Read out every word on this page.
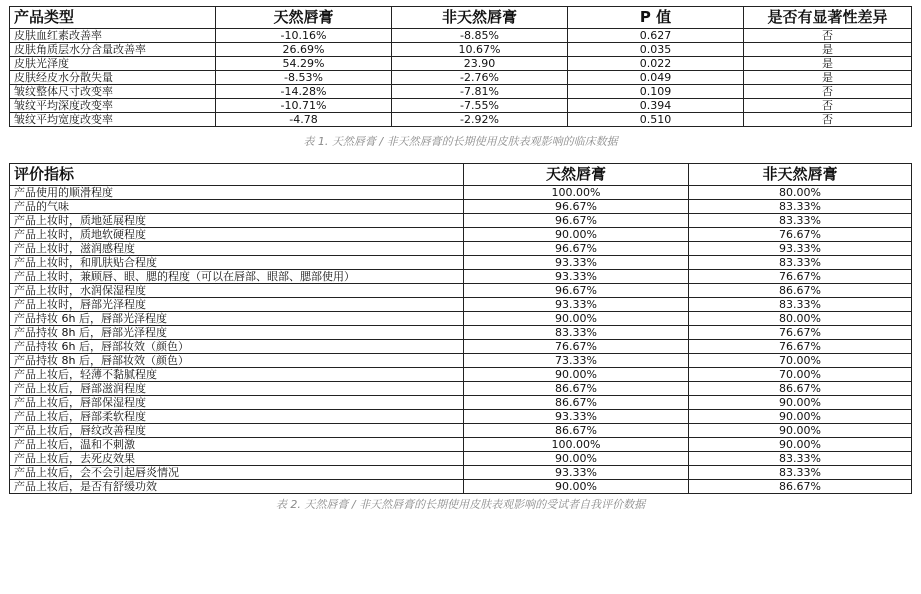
产品类型	天然唇膏	非天然唇膏	P 值	是否有显著性差异
皮肤血红素改善率	-10.16%	-8.85%	0.627	否
皮肤角质层水分含量改善率	26.69%	10.67%	0.035	是
皮肤光泽度	54.29%	23.90	0.022	是
皮肤经皮水分散失量	-8.53%	-2.76%	0.049	是
皱纹整体尺寸改变率	-14.28%	-7.81%	0.109	否
皱纹平均深度改变率	-10.71%	-7.55%	0.394	否
皱纹平均宽度改变率	-4.78	-2.92%	0.510	否
表 1. 天然唇膏 / 非天然唇膏的长期使用皮肤表观影响的临床数据
评价指标	天然唇膏	非天然唇膏
产品使用的顺滑程度	100.00%	80.00%
产品的气味	96.67%	83.33%
产品上妆时，质地延展程度	96.67%	83.33%
产品上妆时，质地软硬程度	90.00%	76.67%
产品上妆时，滋润感程度	96.67%	93.33%
产品上妆时，和肌肤贴合程度	93.33%	83.33%
产品上妆时，兼顾唇、眼、腮的程度（可以在唇部、眼部、腮部使用）	93.33%	76.67%
产品上妆时，水润保湿程度	96.67%	86.67%
产品上妆时，唇部光泽程度	93.33%	83.33%
产品持妆 6h 后，唇部光泽程度	90.00%	80.00%
产品持妆 8h 后，唇部光泽程度	83.33%	76.67%
产品持妆 6h 后，唇部妆效（颜色）	76.67%	76.67%
产品持妆 8h 后，唇部妆效（颜色）	73.33%	70.00%
产品上妆后，轻薄不黏腻程度	90.00%	70.00%
产品上妆后，唇部滋润程度	86.67%	86.67%
产品上妆后，唇部保湿程度	86.67%	90.00%
产品上妆后，唇部柔软程度	93.33%	90.00%
产品上妆后，唇纹改善程度	86.67%	90.00%
产品上妆后，温和不刺激	100.00%	90.00%
产品上妆后，去死皮效果	90.00%	83.33%
产品上妆后，会不会引起唇炎情况	93.33%	83.33%
产品上妆后，是否有舒缓功效	90.00%	86.67%
表 2. 天然唇膏 / 非天然唇膏的长期使用皮肤表观影响的受试者自我评价数据
